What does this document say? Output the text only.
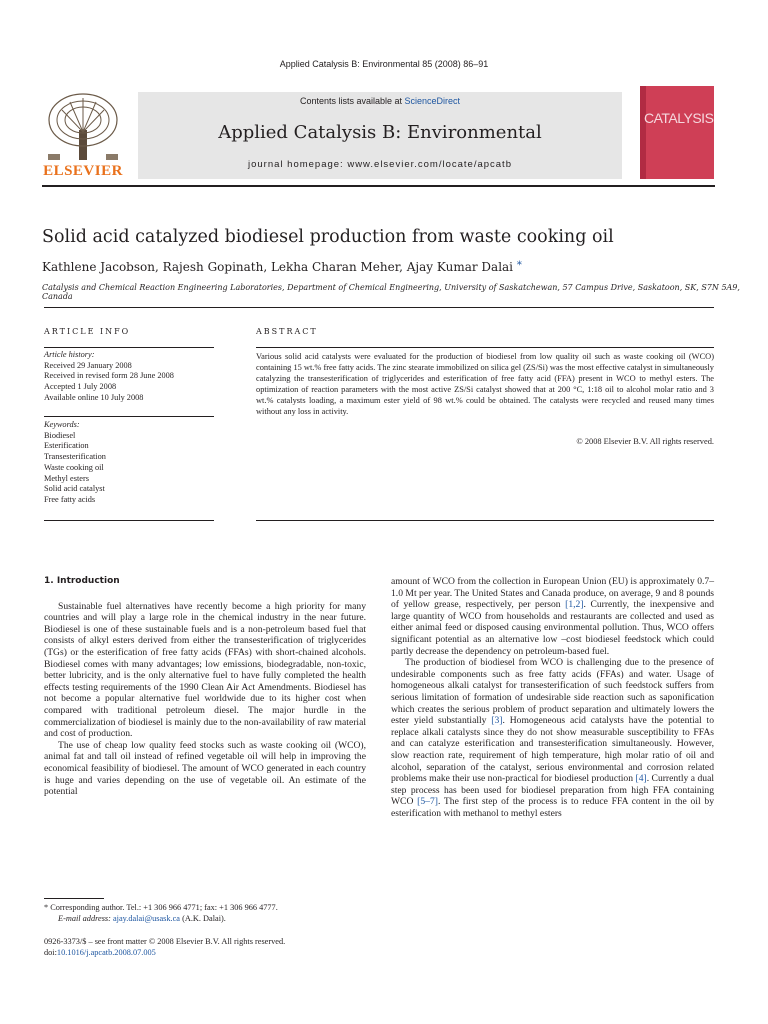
Applied Catalysis B: Environmental 85 (2008) 86–91
ELSEVIER
Contents lists available at ScienceDirect
Applied Catalysis B: Environmental
journal homepage: www.elsevier.com/locate/apcatb
CATALYSIS
Solid acid catalyzed biodiesel production from waste cooking oil
Kathlene Jacobson, Rajesh Gopinath, Lekha Charan Meher, Ajay Kumar Dalai *
Catalysis and Chemical Reaction Engineering Laboratories, Department of Chemical Engineering, University of Saskatchewan, 57 Campus Drive, Saskatoon, SK, S7N 5A9, Canada
ARTICLE INFO	ABSTRACT
Article history:
Received 29 January 2008
Received in revised form 28 June 2008
Accepted 1 July 2008
Available online 10 July 2008
Keywords:
Biodiesel
Esterification
Transesterification
Waste cooking oil
Methyl esters
Solid acid catalyst
Free fatty acids
Various solid acid catalysts were evaluated for the production of biodiesel from low quality oil such as waste cooking oil (WCO) containing 15 wt.% free fatty acids. The zinc stearate immobilized on silica gel (ZS/Si) was the most effective catalyst in simultaneously catalyzing the transesterification of triglycerides and esterification of free fatty acid (FFA) present in WCO to methyl esters. The optimization of reaction parameters with the most active ZS/Si catalyst showed that at 200 °C, 1:18 oil to alcohol molar ratio and 3 wt.% catalysts loading, a maximum ester yield of 98 wt.% could be obtained. The catalysts were recycled and reused many times without any loss in activity.
© 2008 Elsevier B.V. All rights reserved.
1. Introduction

Sustainable fuel alternatives have recently become a high priority for many countries and will play a large role in the chemical industry in the near future. Biodiesel is one of these sustainable fuels and is a non-petroleum based fuel that consists of alkyl esters derived from either the transesterification of triglycerides (TGs) or the esterification of free fatty acids (FFAs) with short-chained alcohols. Biodiesel comes with many advantages; low emissions, biodegradable, non-toxic, better lubricity, and is the only alternative fuel to have fully completed the health effects testing requirements of the 1990 Clean Air Act Amendments. Biodiesel has not become a popular alternative fuel worldwide due to its higher cost when compared with traditional petroleum diesel. The major hurdle in the commercialization of biodiesel is mainly due to the non-availability of raw material and cost of production.

The use of cheap low quality feed stocks such as waste cooking oil (WCO), animal fat and tall oil instead of refined vegetable oil will help in improving the economical feasibility of biodiesel. The amount of WCO generated in each country is huge and varies depending on the use of vegetable oil. An estimate of the potential

amount of WCO from the collection in European Union (EU) is approximately 0.7–1.0 Mt per year. The United States and Canada produce, on average, 9 and 8 pounds of yellow grease, respectively, per person [1,2]. Currently, the inexpensive and large quantity of WCO from households and restaurants are collected and used as either animal feed or disposed causing environmental pollution. Thus, WCO offers significant potential as an alternative low –cost biodiesel feedstock which could partly decrease the dependency on petroleum-based fuel.

The production of biodiesel from WCO is challenging due to the presence of undesirable components such as free fatty acids (FFAs) and water. Usage of homogeneous alkali catalyst for transesterification of such feedstock suffers from serious limitation of formation of undesirable side reaction such as saponification which creates the serious problem of product separation and ultimately lowers the ester yield substantially [3]. Homogeneous acid catalysts have the potential to replace alkali catalysts since they do not show measurable susceptibility to FFAs and can catalyze esterification and transesterification simultaneously. However, slow reaction rate, requirement of high temperature, high molar ratio of oil and alcohol, separation of the catalyst, serious environmental and corrosion related problems make their use non-practical for biodiesel production [4]. Currently a dual step process has been used for biodiesel preparation from high FFA containing WCO [5–7]. The first step of the process is to reduce FFA content in the oil by esterification with methanol to methyl esters

* Corresponding author. Tel.: +1 306 966 4771; fax: +1 306 966 4777.
E-mail address: ajay.dalai@usask.ca (A.K. Dalai).
0926-3373/$ – see front matter © 2008 Elsevier B.V. All rights reserved.
doi:10.1016/j.apcatb.2008.07.005
